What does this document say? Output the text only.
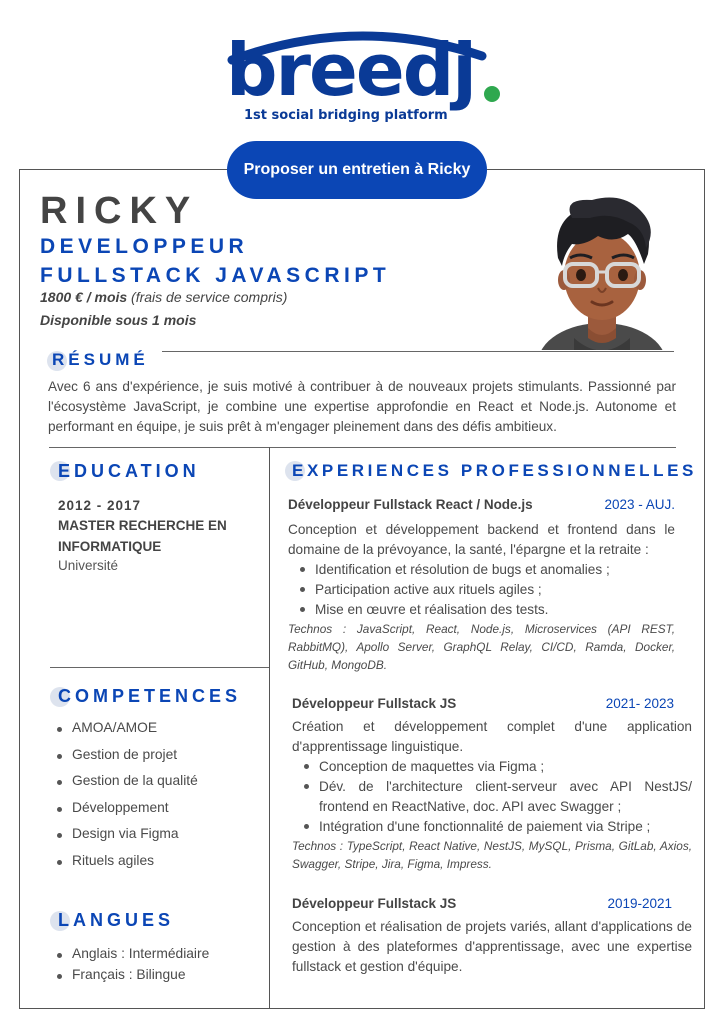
breedj
1st social bridging platform
Proposer un entretien à Ricky
RICKY
DEVELOPPEUR
FULLSTACK JAVASCRIPT
1800 € / mois (frais de service compris)
Disponible sous 1 mois
RÉSUMÉ

Avec 6 ans d'expérience, je suis motivé à contribuer à de nouveaux projets stimulants. Passionné par l'écosystème JavaScript, je combine une expertise approfondie en React et Node.js. Autonome et performant en équipe, je suis prêt à m'engager pleinement dans des défis ambitieux.

EDUCATION
2012 - 2017
MASTER RECHERCHE EN INFORMATIQUE
Université
COMPETENCES
AMOA/AMOE
Gestion de projet
Gestion de la qualité
Développement
Design via Figma
Rituels agiles
LANGUES
Anglais : Intermédiaire
Français : Bilingue
EXPERIENCES PROFESSIONNELLES
Développeur Fullstack React / Node.js	2023 - AUJ.

Conception et développement backend et frontend dans le domaine de la prévoyance, la santé, l'épargne et la retraite :

Identification et résolution de bugs et anomalies ;
Participation active aux rituels agiles ;
Mise en œuvre et réalisation des tests.

Technos : JavaScript, React, Node.js, Microservices (API REST, RabbitMQ), Apollo Server, GraphQL Relay, CI/CD, Ramda, Docker, GitHub, MongoDB.

Développeur Fullstack JS	2021- 2023

Création et développement complet d'une application d'apprentissage linguistique.

Conception de maquettes via Figma ;
Dév. de l'architecture client-serveur avec API NestJS/ frontend en ReactNative, doc. API avec Swagger ;
Intégration d'une fonctionnalité de paiement via Stripe ;

Technos : TypeScript, React Native, NestJS, MySQL, Prisma, GitLab, Axios, Swagger, Stripe, Jira, Figma, Impress.

Développeur Fullstack JS	2019-2021

Conception et réalisation de projets variés, allant d'applications de gestion à des plateformes d'apprentissage, avec une expertise fullstack et gestion d'équipe.
